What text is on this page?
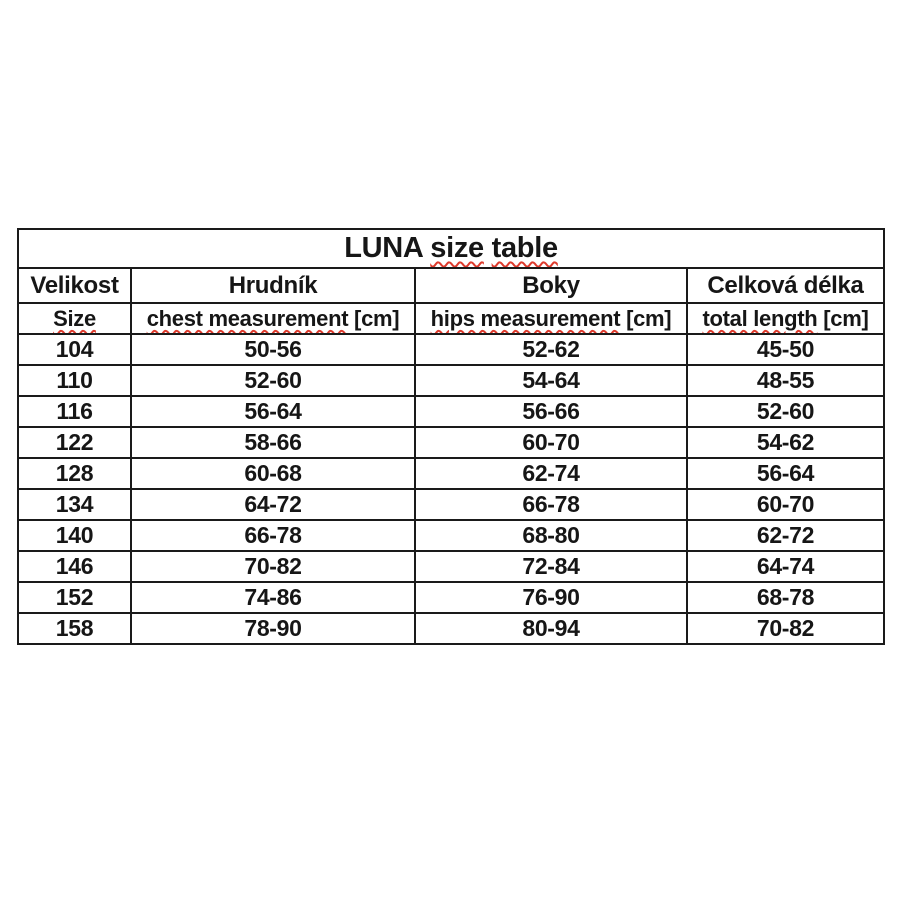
LUNA size table			
Velikost	Hrudník	Boky	Celková délka
Size	chest measurement [cm]	hips measurement [cm]	total length [cm]
104	50-56	52-62	45-50
110	52-60	54-64	48-55
116	56-64	56-66	52-60
122	58-66	60-70	54-62
128	60-68	62-74	56-64
134	64-72	66-78	60-70
140	66-78	68-80	62-72
146	70-82	72-84	64-74
152	74-86	76-90	68-78
158	78-90	80-94	70-82
